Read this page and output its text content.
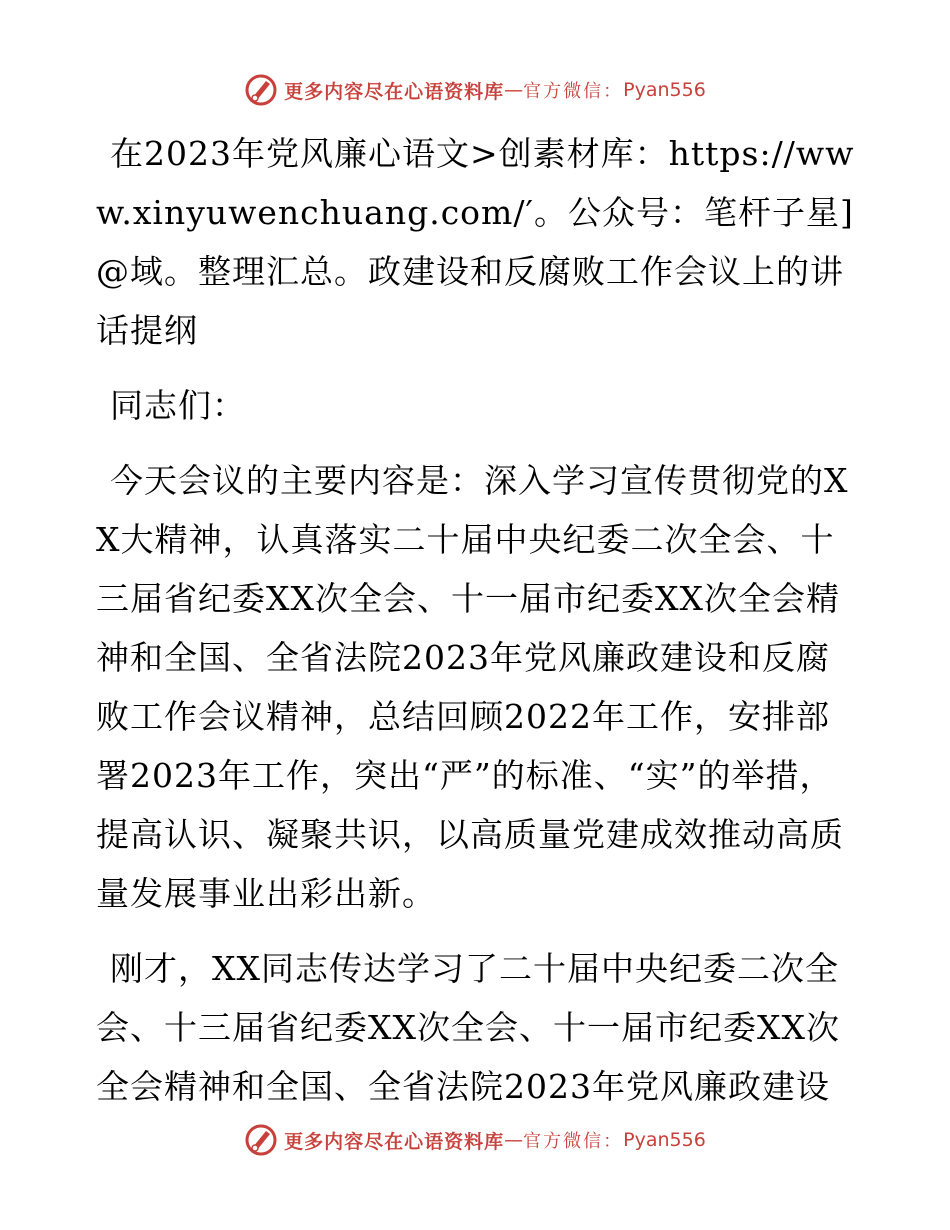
更多内容尽在心语资料库 — 官方微信： Pyan556

在2023年党风廉心语文>创素材库：https://www.xinyuwenchuang.com/′。公众号：笔杆子星]@域。整理汇总。政建设和反腐败工作会议上的讲话提纲

同志们：

今天会议的主要内容是：深入学习宣传贯彻党的XX大精神，认真落实二十届中央纪委二次全会、十三届省纪委XX次全会、十一届市纪委XX次全会精神和全国、全省法院2023年党风廉政建设和反腐败工作会议精神，总结回顾2022年工作，安排部署2023年工作，突出“严”的标准、“实”的举措，提高认识、凝聚共识，以高质量党建成效推动高质量发展事业出彩出新。

刚才，XX同志传达学习了二十届中央纪委二次全会、十三届省纪委XX次全会、十一届市纪委XX次全会精神和全国、全省法院2023年党风廉政建设

更多内容尽在心语资料库 — 官方微信： Pyan556
